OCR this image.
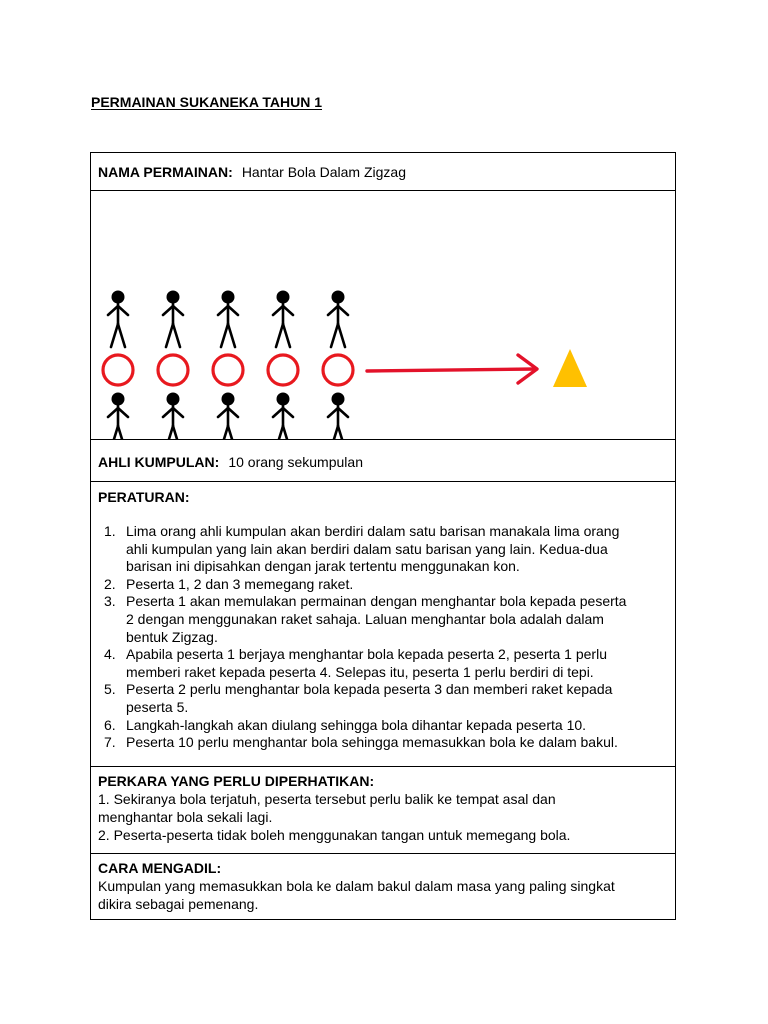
PERMAINAN SUKANEKA TAHUN 1
NAMA PERMAINAN: Hantar Bola Dalam Zigzag
AHLI KUMPULAN: 10 orang sekumpulan
PERATURAN:
1. Lima orang ahli kumpulan akan berdiri dalam satu barisan manakala lima orang
ahli kumpulan yang lain akan berdiri dalam satu barisan yang lain. Kedua-dua
barisan ini dipisahkan dengan jarak tertentu menggunakan kon.
2. Peserta 1, 2 dan 3 memegang raket.
3. Peserta 1 akan memulakan permainan dengan menghantar bola kepada peserta
2 dengan menggunakan raket sahaja. Laluan menghantar bola adalah dalam
bentuk Zigzag.
4. Apabila peserta 1 berjaya menghantar bola kepada peserta 2, peserta 1 perlu
memberi raket kepada peserta 4. Selepas itu, peserta 1 perlu berdiri di tepi.
5. Peserta 2 perlu menghantar bola kepada peserta 3 dan memberi raket kepada
peserta 5.
6. Langkah-langkah akan diulang sehingga bola dihantar kepada peserta 10.
7. Peserta 10 perlu menghantar bola sehingga memasukkan bola ke dalam bakul.
PERKARA YANG PERLU DIPERHATIKAN:
1. Sekiranya bola terjatuh, peserta tersebut perlu balik ke tempat asal dan
menghantar bola sekali lagi.
2. Peserta-peserta tidak boleh menggunakan tangan untuk memegang bola.
CARA MENGADIL:
Kumpulan yang memasukkan bola ke dalam bakul dalam masa yang paling singkat
dikira sebagai pemenang.
